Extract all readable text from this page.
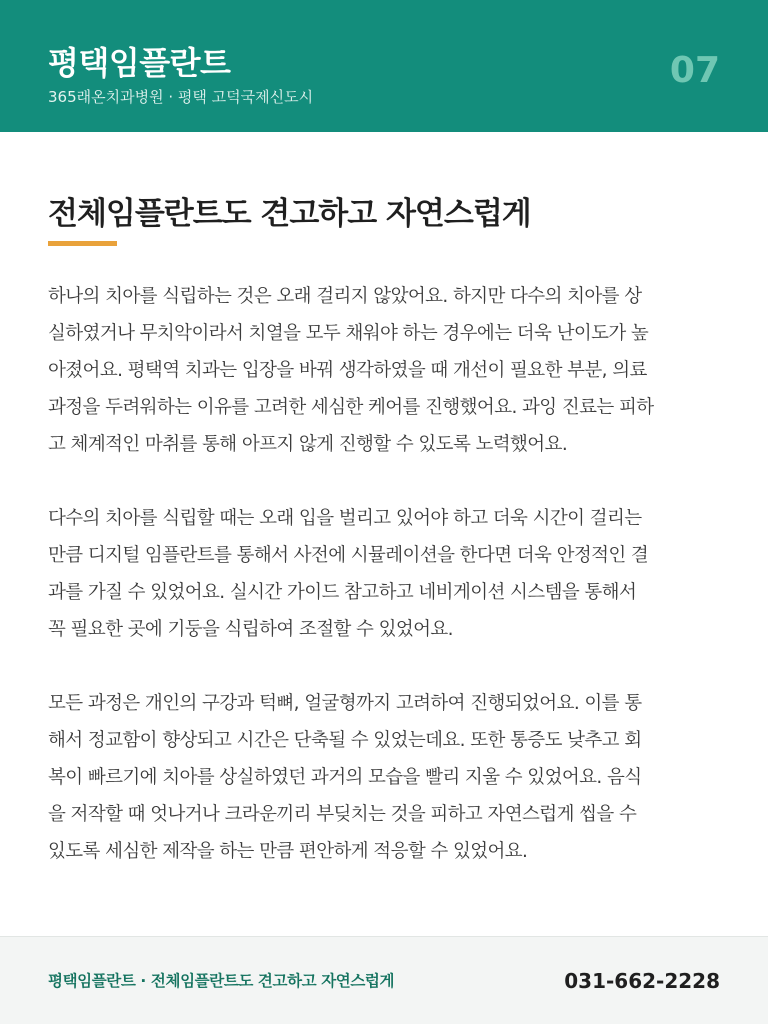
평택임플란트
365래온치과병원 · 평택 고덕국제신도시
07
전체임플란트도 견고하고 자연스럽게

하나의 치아를 식립하는 것은 오래 걸리지 않았어요. 하지만 다수의 치아를 상
실하였거나 무치악이라서 치열을 모두 채워야 하는 경우에는 더욱 난이도가 높
아졌어요. 평택역 치과는 입장을 바꿔 생각하였을 때 개선이 필요한 부분, 의료
과정을 두려워하는 이유를 고려한 세심한 케어를 진행했어요. 과잉 진료는 피하
고 체계적인 마취를 통해 아프지 않게 진행할 수 있도록 노력했어요.

다수의 치아를 식립할 때는 오래 입을 벌리고 있어야 하고 더욱 시간이 걸리는
만큼 디지털 임플란트를 통해서 사전에 시뮬레이션을 한다면 더욱 안정적인 결
과를 가질 수 있었어요. 실시간 가이드 참고하고 네비게이션 시스템을 통해서
꼭 필요한 곳에 기둥을 식립하여 조절할 수 있었어요.

모든 과정은 개인의 구강과 턱뼈, 얼굴형까지 고려하여 진행되었어요. 이를 통
해서 정교함이 향상되고 시간은 단축될 수 있었는데요. 또한 통증도 낮추고 회
복이 빠르기에 치아를 상실하였던 과거의 모습을 빨리 지울 수 있었어요. 음식
을 저작할 때 엇나거나 크라운끼리 부딪치는 것을 피하고 자연스럽게 씹을 수
있도록 세심한 제작을 하는 만큼 편안하게 적응할 수 있었어요.

평택임플란트 · 전체임플란트도 견고하고 자연스럽게	031-662-2228
